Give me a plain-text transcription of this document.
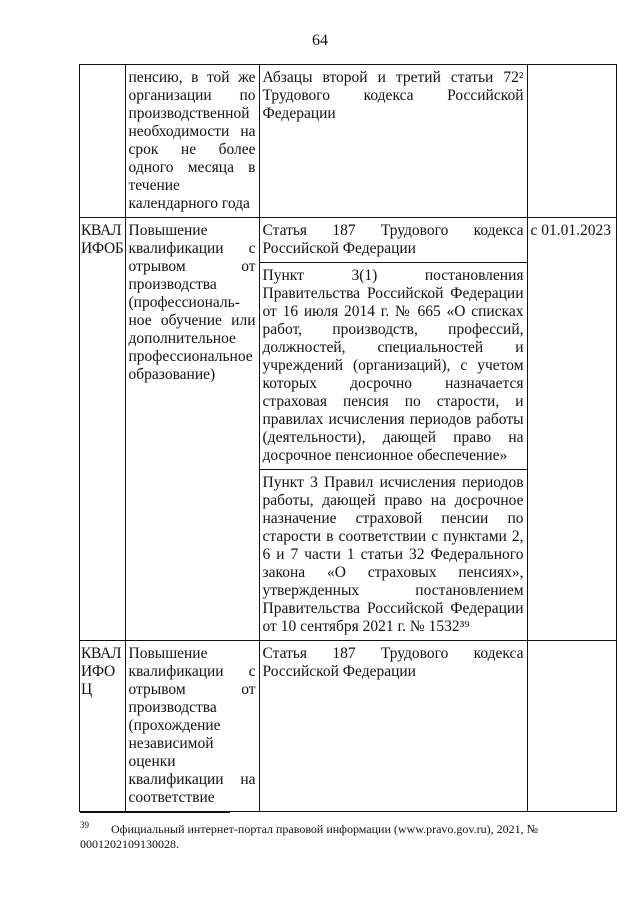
64
	пенсию, в той же организации по производственной необходимости на срок не более одного месяца в течение календарного года	Абзацы второй и третий статьи 72² Трудового кодекса Российской Федерации	
КВАЛ ИФОБ	Повышение квалификации с отрывом от производства (профессиональ-ное обучение или дополнительное профессиональное образование)	Статья 187 Трудового кодекса Российской Федерации	с 01.01.2023
		Пункт 3(1) постановления Правительства Российской Федерации от 16 июля 2014 г. № 665 «О списках работ, производств, профессий, должностей, специальностей и учреждений (организаций), с учетом которых досрочно назначается страховая пенсия по старости, и правилах исчисления периодов работы (деятельности), дающей право на досрочное пенсионное обеспечение»	
		Пункт 3 Правил исчисления периодов работы, дающей право на досрочное назначение страховой пенсии по старости в соответствии с пунктами 2, 6 и 7 части 1 статьи 32 Федерального закона «О страховых пенсиях», утвержденных постановлением Правительства Российской Федерации от 10 сентября 2021 г. № 1532³⁹	
КВАЛ ИФО Ц	Повышение квалификации с отрывом от производства (прохождение независимой оценки квалификации на соответствие	Статья 187 Трудового кодекса Российской Федерации	
$^{39}$ Официальный интернет-портал правовой информации (www.pravo.gov.ru), 2021, № 0001202109130028.
